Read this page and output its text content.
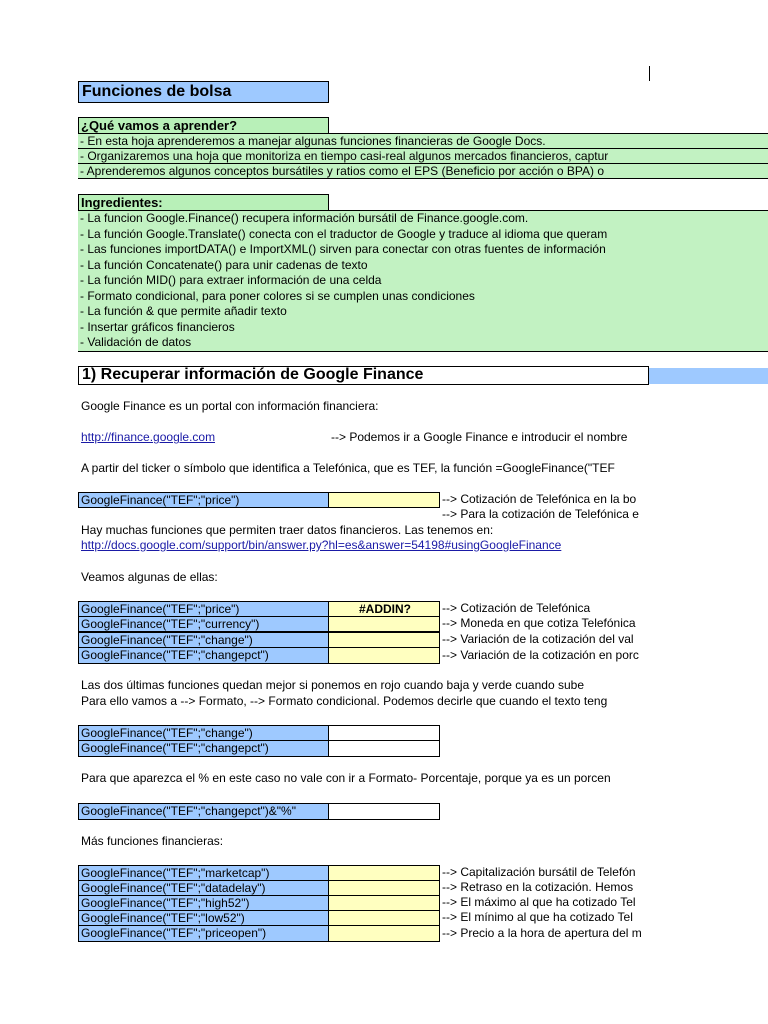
Funciones de bolsa
¿Qué vamos a aprender?
- En esta hoja aprenderemos a manejar algunas funciones financieras de Google Docs.
- Organizaremos una hoja que monitoriza en tiempo casi-real algunos mercados financieros, captur
- Aprenderemos algunos conceptos bursátiles y ratios como el EPS (Beneficio por acción o BPA) o
Ingredientes:
- La funcion Google.Finance() recupera información bursátil de Finance.google.com.
- La función Google.Translate() conecta con el traductor de Google y traduce al idioma que queram
- Las funciones importDATA() e ImportXML() sirven para conectar con otras fuentes de información
- La función Concatenate() para unir cadenas de texto
- La función MID() para extraer información de una celda
- Formato condicional, para poner colores si se cumplen unas condiciones
- La función & que permite añadir texto
- Insertar gráficos financieros
- Validación de datos
1) Recuperar información de Google Finance
Google Finance es un portal con información financiera:
http://finance.google.com	--> Podemos ir a Google Finance e introducir el nombre
A partir del ticker o símbolo que identifica a Telefónica, que es TEF, la función =GoogleFinance("TEF
GoogleFinance("TEF";"price")	--> Cotización de Telefónica en la bo
--> Para la cotización de Telefónica e
Hay muchas funciones que permiten traer datos financieros. Las tenemos en:
http://docs.google.com/support/bin/answer.py?hl=es&answer=54198#usingGoogleFinance
Veamos algunas de ellas:
GoogleFinance("TEF";"price")	#ADDIN?	--> Cotización de Telefónica
GoogleFinance("TEF";"currency")	--> Moneda en que cotiza Telefónica
GoogleFinance("TEF";"change")	--> Variación de la cotización del val
GoogleFinance("TEF";"changepct")	--> Variación de la cotización en porc
Las dos últimas funciones quedan mejor si ponemos en rojo cuando baja y verde cuando sube
Para ello vamos a --> Formato, --> Formato condicional. Podemos decirle que cuando el texto teng
GoogleFinance("TEF";"change")
GoogleFinance("TEF";"changepct")
Para que aparezca el % en este caso no vale con ir a Formato- Porcentaje, porque ya es un porcen
GoogleFinance("TEF";"changepct")&"%"
Más funciones financieras:
GoogleFinance("TEF";"marketcap")	--> Capitalización bursátil de Telefón
GoogleFinance("TEF";"datadelay")	--> Retraso en la cotización. Hemos
GoogleFinance("TEF";"high52")	--> El máximo al que ha cotizado Tel
GoogleFinance("TEF";"low52")	--> El mínimo al que ha cotizado Tel
GoogleFinance("TEF";"priceopen")	--> Precio a la hora de apertura del m
